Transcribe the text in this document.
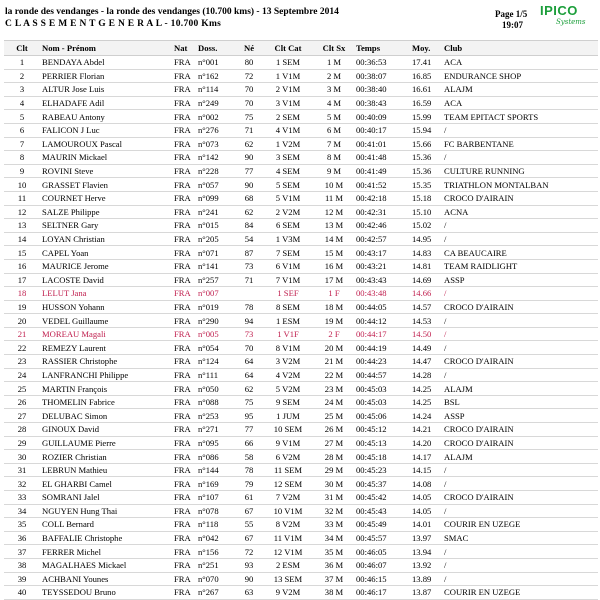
la ronde des vendanges - la ronde des vendanges (10.700 kms) - 13 Septembre 2014
C L A S S E M E N T G E N E R A L - 10.700 Kms
Page 1/5
19:07
IPICO
Systems
Clt	Nom - Prénom	Nat	Doss.	Né	Clt Cat	Clt Sx	Temps	Moy.	Club
1	BENDAYA Abdel	FRA	n°001	80	1 SEM	1 M	00:36:53	17.41	ACA
2	PERRIER Florian	FRA	n°162	72	1 V1M	2 M	00:38:07	16.85	ENDURANCE SHOP
3	ALTUR Jose Luis	FRA	n°114	70	2 V1M	3 M	00:38:40	16.61	ALAJM
4	ELHADAFE Adil	FRA	n°249	70	3 V1M	4 M	00:38:43	16.59	ACA
5	RABEAU Antony	FRA	n°002	75	2 SEM	5 M	00:40:09	15.99	TEAM EPITACT SPORTS
6	FALICON J Luc	FRA	n°276	71	4 V1M	6 M	00:40:17	15.94	/
7	LAMOUROUX Pascal	FRA	n°073	62	1 V2M	7 M	00:41:01	15.66	FC BARBENTANE
8	MAURIN Mickael	FRA	n°142	90	3 SEM	8 M	00:41:48	15.36	/
9	ROVINI Steve	FRA	n°228	77	4 SEM	9 M	00:41:49	15.36	CULTURE RUNNING
10	GRASSET Flavien	FRA	n°057	90	5 SEM	10 M	00:41:52	15.35	TRIATHLON MONTALBAN
11	COURNET Herve	FRA	n°099	68	5 V1M	11 M	00:42:18	15.18	CROCO D'AIRAIN
12	SALZE Philippe	FRA	n°241	62	2 V2M	12 M	00:42:31	15.10	ACNA
13	SELTNER Gary	FRA	n°015	84	6 SEM	13 M	00:42:46	15.02	/
14	LOYAN Christian	FRA	n°205	54	1 V3M	14 M	00:42:57	14.95	/
15	CAPEL Yoan	FRA	n°071	87	7 SEM	15 M	00:43:17	14.83	CA BEAUCAIRE
16	MAURICE Jerome	FRA	n°141	73	6 V1M	16 M	00:43:21	14.81	TEAM RAIDLIGHT
17	LACOSTE David	FRA	n°257	71	7 V1M	17 M	00:43:43	14.69	ASSP
18	LELUT Jana	FRA	n°007		1 SEF	1 F	00:43:48	14.66	/
19	HUSSON Yohann	FRA	n°019	78	8 SEM	18 M	00:44:05	14.57	CROCO D'AIRAIN
20	VEDEL Guillaume	FRA	n°290	94	1 ESM	19 M	00:44:12	14.53	/
21	MOREAU Magali	FRA	n°005	73	1 V1F	2 F	00:44:17	14.50	/
22	REMEZY Laurent	FRA	n°054	70	8 V1M	20 M	00:44:19	14.49	/
23	RASSIER Christophe	FRA	n°124	64	3 V2M	21 M	00:44:23	14.47	CROCO D'AIRAIN
24	LANFRANCHI Philippe	FRA	n°111	64	4 V2M	22 M	00:44:57	14.28	/
25	MARTIN François	FRA	n°050	62	5 V2M	23 M	00:45:03	14.25	ALAJM
26	THOMELIN Fabrice	FRA	n°088	75	9 SEM	24 M	00:45:03	14.25	BSL
27	DELUBAC Simon	FRA	n°253	95	1 JUM	25 M	00:45:06	14.24	ASSP
28	GINOUX David	FRA	n°271	77	10 SEM	26 M	00:45:12	14.21	CROCO D'AIRAIN
29	GUILLAUME Pierre	FRA	n°095	66	9 V1M	27 M	00:45:13	14.20	CROCO D'AIRAIN
30	ROZIER Christian	FRA	n°086	58	6 V2M	28 M	00:45:18	14.17	ALAJM
31	LEBRUN Mathieu	FRA	n°144	78	11 SEM	29 M	00:45:23	14.15	/
32	EL GHARBI Camel	FRA	n°169	79	12 SEM	30 M	00:45:37	14.08	/
33	SOMRANI Jalel	FRA	n°107	61	7 V2M	31 M	00:45:42	14.05	CROCO D'AIRAIN
34	NGUYEN Hung Thai	FRA	n°078	67	10 V1M	32 M	00:45:43	14.05	/
35	COLL Bernard	FRA	n°118	55	8 V2M	33 M	00:45:49	14.01	COURIR EN UZEGE
36	BAFFALIE Christophe	FRA	n°042	67	11 V1M	34 M	00:45:57	13.97	SMAC
37	FERRER Michel	FRA	n°156	72	12 V1M	35 M	00:46:05	13.94	/
38	MAGALHAES Mickael	FRA	n°251	93	2 ESM	36 M	00:46:07	13.92	/
39	ACHBANI Younes	FRA	n°070	90	13 SEM	37 M	00:46:15	13.89	/
40	TEYSSEDOU Bruno	FRA	n°267	63	9 V2M	38 M	00:46:17	13.87	COURIR EN UZEGE
